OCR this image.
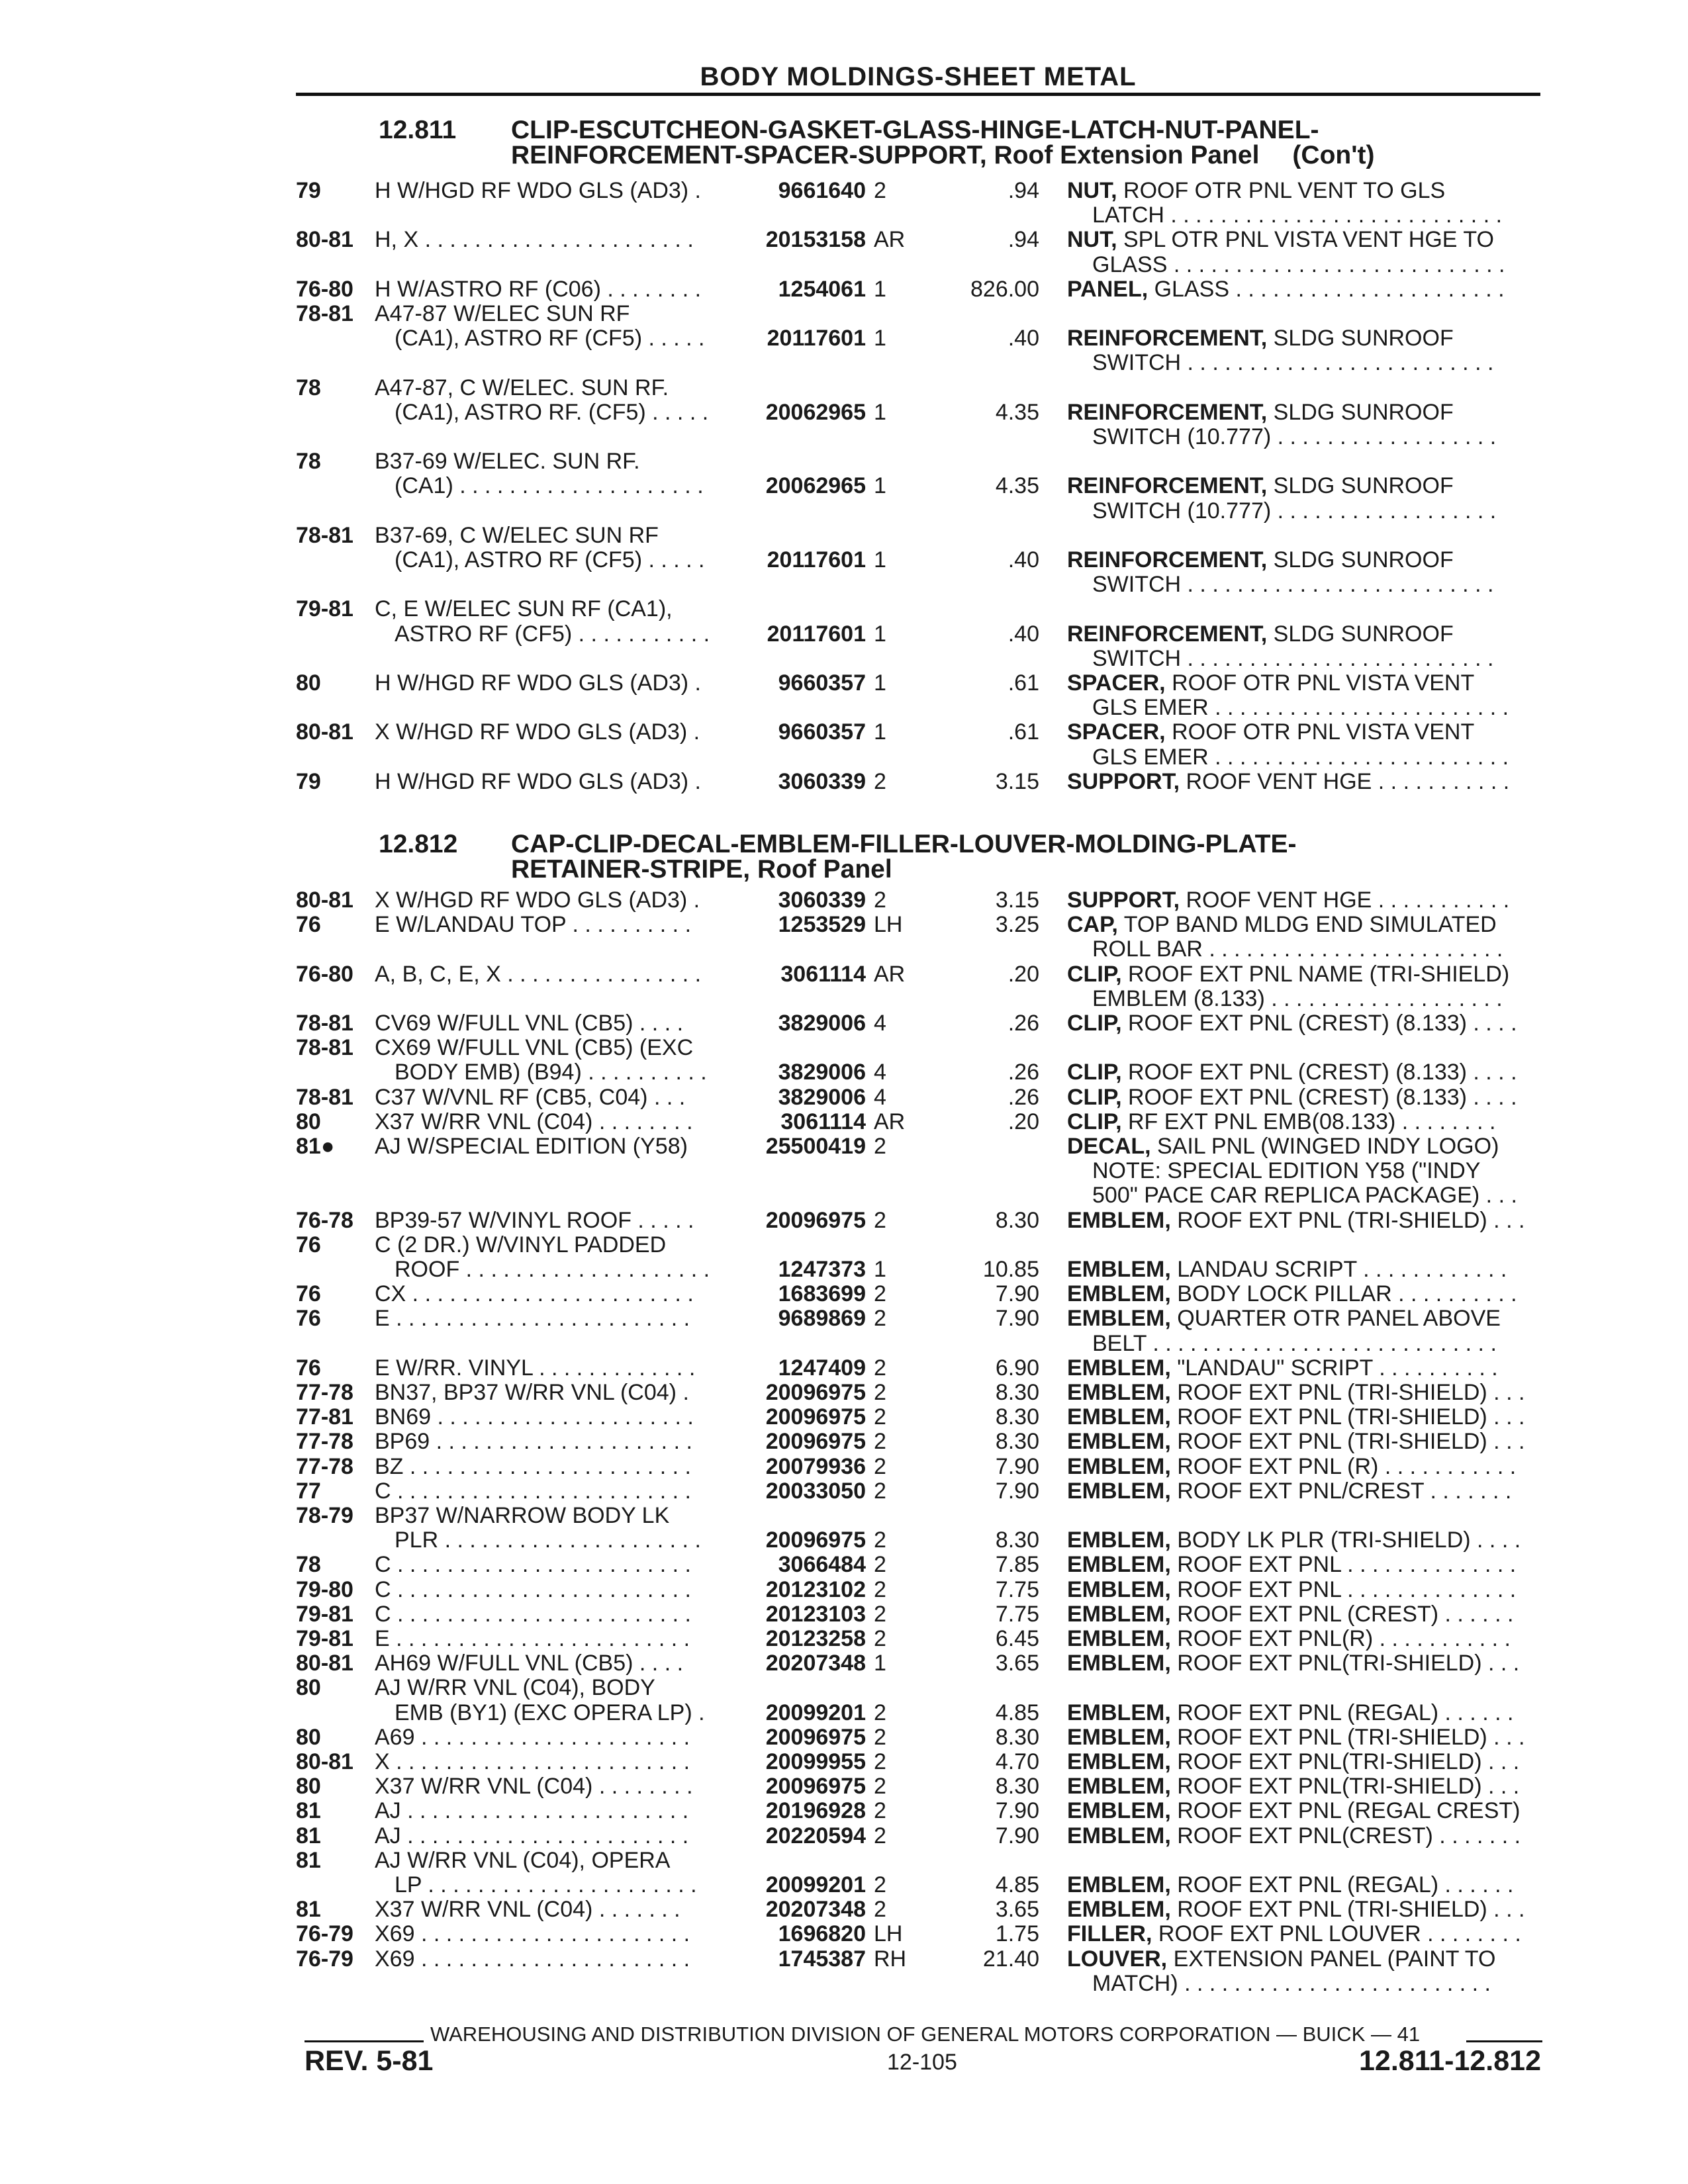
BODY MOLDINGS-SHEET METAL
12.811 CLIP-ESCUTCHEON-GASKET-GLASS-HINGE-LATCH-NUT-PANEL-
REINFORCEMENT-SPACER-SUPPORT, Roof Extension Panel (Con't)
12.812 CAP-CLIP-DECAL-EMBLEM-FILLER-LOUVER-MOLDING-PLATE-
RETAINER-STRIPE, Roof Panel
79 H W/HGD RF WDO GLS (AD3) .	9661640 2	.94 NUT, ROOF OTR PNL VENT TO GLS
LATCH . . . . . . . . . . . . . . . . . . . . . . . . . . .
80-81 H, X . . . . . . . . . . . . . . . . . . . . . .	20153158 AR	.94 NUT, SPL OTR PNL VISTA VENT HGE TO
GLASS . . . . . . . . . . . . . . . . . . . . . . . . . . .
76-80 H W/ASTRO RF (C06) . . . . . . . .	1254061 1	826.00 PANEL, GLASS . . . . . . . . . . . . . . . . . . . . . .
78-81 A47-87 W/ELEC SUN RF
(CA1), ASTRO RF (CF5) . . . . .	20117601 1	.40 REINFORCEMENT, SLDG SUNROOF
SWITCH . . . . . . . . . . . . . . . . . . . . . . . . .
78 A47-87, C W/ELEC. SUN RF.
(CA1), ASTRO RF. (CF5) . . . . .	20062965 1	4.35 REINFORCEMENT, SLDG SUNROOF
SWITCH (10.777) . . . . . . . . . . . . . . . . . .
78 B37-69 W/ELEC. SUN RF.
(CA1) . . . . . . . . . . . . . . . . . . . .	20062965 1	4.35 REINFORCEMENT, SLDG SUNROOF
SWITCH (10.777) . . . . . . . . . . . . . . . . . .
78-81 B37-69, C W/ELEC SUN RF
(CA1), ASTRO RF (CF5) . . . . .	20117601 1	.40 REINFORCEMENT, SLDG SUNROOF
SWITCH . . . . . . . . . . . . . . . . . . . . . . . . .
79-81 C, E W/ELEC SUN RF (CA1),
ASTRO RF (CF5) . . . . . . . . . . .	20117601 1	.40 REINFORCEMENT, SLDG SUNROOF
SWITCH . . . . . . . . . . . . . . . . . . . . . . . . .
80 H W/HGD RF WDO GLS (AD3) .	9660357 1	.61 SPACER, ROOF OTR PNL VISTA VENT
GLS EMER . . . . . . . . . . . . . . . . . . . . . . . .
80-81 X W/HGD RF WDO GLS (AD3) .	9660357 1	.61 SPACER, ROOF OTR PNL VISTA VENT
GLS EMER . . . . . . . . . . . . . . . . . . . . . . . .
79 H W/HGD RF WDO GLS (AD3) .	3060339 2	3.15 SUPPORT, ROOF VENT HGE . . . . . . . . . . .
80-81 X W/HGD RF WDO GLS (AD3) .	3060339 2	3.15 SUPPORT, ROOF VENT HGE . . . . . . . . . . .
76 E W/LANDAU TOP . . . . . . . . . .	1253529 LH	3.25 CAP, TOP BAND MLDG END SIMULATED
ROLL BAR . . . . . . . . . . . . . . . . . . . . . . . .
76-80 A, B, C, E, X . . . . . . . . . . . . . . . .	3061114 AR	.20 CLIP, ROOF EXT PNL NAME (TRI-SHIELD)
EMBLEM (8.133) . . . . . . . . . . . . . . . . . . .
78-81 CV69 W/FULL VNL (CB5) . . . .	3829006 4	.26 CLIP, ROOF EXT PNL (CREST) (8.133) . . . .
78-81 CX69 W/FULL VNL (CB5) (EXC
BODY EMB) (B94) . . . . . . . . . .	3829006 4	.26 CLIP, ROOF EXT PNL (CREST) (8.133) . . . .
78-81 C37 W/VNL RF (CB5, C04) . . .	3829006 4	.26 CLIP, ROOF EXT PNL (CREST) (8.133) . . . .
80 X37 W/RR VNL (C04) . . . . . . . .	3061114 AR	.20 CLIP, RF EXT PNL EMB(08.133) . . . . . . . .
81● AJ W/SPECIAL EDITION (Y58)	25500419 2	DECAL, SAIL PNL (WINGED INDY LOGO)
NOTE: SPECIAL EDITION Y58 ("INDY
500" PACE CAR REPLICA PACKAGE) . . .
76-78 BP39-57 W/VINYL ROOF . . . . .	20096975 2	8.30 EMBLEM, ROOF EXT PNL (TRI-SHIELD) . . .
76 C (2 DR.) W/VINYL PADDED
ROOF . . . . . . . . . . . . . . . . . . . .	1247373 1	10.85 EMBLEM, LANDAU SCRIPT . . . . . . . . . . . .
76 CX . . . . . . . . . . . . . . . . . . . . . . .	1683699 2	7.90 EMBLEM, BODY LOCK PILLAR . . . . . . . . . .
76 E . . . . . . . . . . . . . . . . . . . . . . . .	9689869 2	7.90 EMBLEM, QUARTER OTR PANEL ABOVE
BELT . . . . . . . . . . . . . . . . . . . . . . . . . . . .
76 E W/RR. VINYL . . . . . . . . . . . . .	1247409 2	6.90 EMBLEM, "LANDAU" SCRIPT . . . . . . . . . .
77-78 BN37, BP37 W/RR VNL (C04) .	20096975 2	8.30 EMBLEM, ROOF EXT PNL (TRI-SHIELD) . . .
77-81 BN69 . . . . . . . . . . . . . . . . . . . . .	20096975 2	8.30 EMBLEM, ROOF EXT PNL (TRI-SHIELD) . . .
77-78 BP69 . . . . . . . . . . . . . . . . . . . . .	20096975 2	8.30 EMBLEM, ROOF EXT PNL (TRI-SHIELD) . . .
77-78 BZ . . . . . . . . . . . . . . . . . . . . . . .	20079936 2	7.90 EMBLEM, ROOF EXT PNL (R) . . . . . . . . . . .
77 C . . . . . . . . . . . . . . . . . . . . . . . .	20033050 2	7.90 EMBLEM, ROOF EXT PNL/CREST . . . . . . .
78-79 BP37 W/NARROW BODY LK
PLR . . . . . . . . . . . . . . . . . . . . .	20096975 2	8.30 EMBLEM, BODY LK PLR (TRI-SHIELD) . . . .
78 C . . . . . . . . . . . . . . . . . . . . . . . .	3066484 2	7.85 EMBLEM, ROOF EXT PNL . . . . . . . . . . . . . .
79-80 C . . . . . . . . . . . . . . . . . . . . . . . .	20123102 2	7.75 EMBLEM, ROOF EXT PNL . . . . . . . . . . . . . .
79-81 C . . . . . . . . . . . . . . . . . . . . . . . .	20123103 2	7.75 EMBLEM, ROOF EXT PNL (CREST) . . . . . .
79-81 E . . . . . . . . . . . . . . . . . . . . . . . .	20123258 2	6.45 EMBLEM, ROOF EXT PNL(R) . . . . . . . . . . .
80-81 AH69 W/FULL VNL (CB5) . . . .	20207348 1	3.65 EMBLEM, ROOF EXT PNL(TRI-SHIELD) . . .
80 AJ W/RR VNL (C04), BODY
EMB (BY1) (EXC OPERA LP) .	20099201 2	4.85 EMBLEM, ROOF EXT PNL (REGAL) . . . . . .
80 A69 . . . . . . . . . . . . . . . . . . . . . .	20096975 2	8.30 EMBLEM, ROOF EXT PNL (TRI-SHIELD) . . .
80-81 X . . . . . . . . . . . . . . . . . . . . . . . .	20099955 2	4.70 EMBLEM, ROOF EXT PNL(TRI-SHIELD) . . .
80 X37 W/RR VNL (C04) . . . . . . . .	20096975 2	8.30 EMBLEM, ROOF EXT PNL(TRI-SHIELD) . . .
81 AJ . . . . . . . . . . . . . . . . . . . . . . .	20196928 2	7.90 EMBLEM, ROOF EXT PNL (REGAL CREST)
81 AJ . . . . . . . . . . . . . . . . . . . . . . .	20220594 2	7.90 EMBLEM, ROOF EXT PNL(CREST) . . . . . . .
81 AJ W/RR VNL (C04), OPERA
LP . . . . . . . . . . . . . . . . . . . . . .	20099201 2	4.85 EMBLEM, ROOF EXT PNL (REGAL) . . . . . .
81 X37 W/RR VNL (C04) . . . . . . .	20207348 2	3.65 EMBLEM, ROOF EXT PNL (TRI-SHIELD) . . .
76-79 X69 . . . . . . . . . . . . . . . . . . . . . .	1696820 LH	1.75 FILLER, ROOF EXT PNL LOUVER . . . . . . . .
76-79 X69 . . . . . . . . . . . . . . . . . . . . . .	1745387 RH	21.40 LOUVER, EXTENSION PANEL (PAINT TO
MATCH) . . . . . . . . . . . . . . . . . . . . . . . . .
WAREHOUSING AND DISTRIBUTION DIVISION OF GENERAL MOTORS CORPORATION — BUICK — 41
REV. 5-81	12-105	12.811-12.812
